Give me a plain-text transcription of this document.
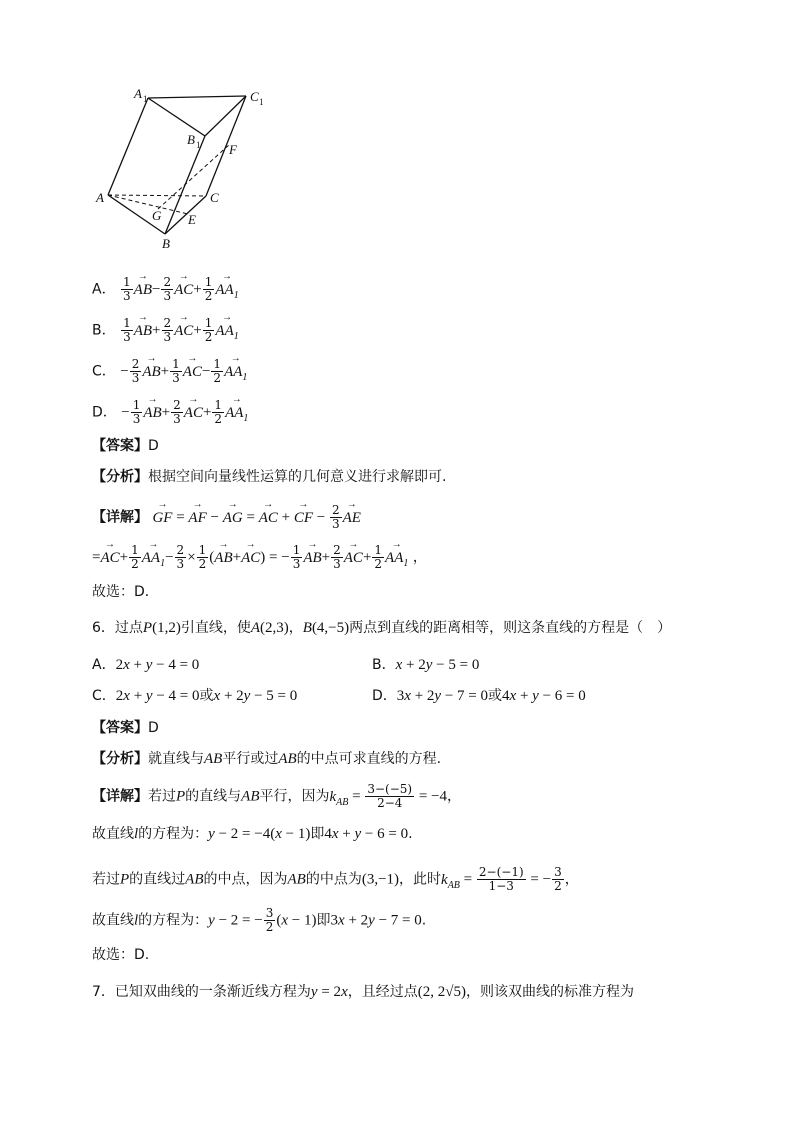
A 1	C 1
B 1 F
A	C
G E
B
A． $\frac{1}{3}$
→ $AB- \frac{2}{3}$
→ $AC+ \frac{1}{2}$
→ $AA_1$
B． $\frac{1}{3}$
→ $AB+ \frac{2}{3}$
→ $AC+ \frac{1}{2}$
→ $AA_1$
C． − $\frac{2}{3}$
→ $AB+ \frac{1}{3}$
→ $AC- \frac{1}{2}$
→ $AA_1$
D． − $\frac{1}{3}$
→ $AB+ \frac{2}{3}$
→ $AC+ \frac{1}{2}$
→ $AA_1$
【答案】D
【分析】根据空间向量线性运算的几何意义进行求解即可.
【详解】 → GF = → AF − → AG = → AC + → CF − $\frac{2}{3}$
→ AE
=→ $AC+ \frac{1}{2}$
→ $AA_1- \frac{2}{3} \times \frac{1}{2}$ (→ AB+→ AC) = − $\frac{1}{3}$
→ $AB+ \frac{2}{3}$
→ $AC+ \frac{1}{2}$
→ $AA_1$ ，
故选：D．
6．过点P(1,2)引直线，使A(2,3)，B(4,−5)两点到直线的距离相等，则这条直线的方程是（　）
A．2x + y − 4 = 0	B．x + 2y − 5 = 0
C．2x + y − 4 = 0或x + 2y − 5 = 0	D．3x + 2y − 7 = 0或4x + y − 6 = 0
【答案】D
【分析】就直线与AB平行或过AB的中点可求直线的方程.
【详解】若过P的直线与AB平行，因为$k_{AB} = \frac{3-(-5)}{2-4} = -4$，
故直线l的方程为：y − 2 = −4(x − 1)即4x + y − 6 = 0.
若过P的直线过AB的中点，因为AB的中点为(3,−1)，此时$k_{AB} = \frac{2-(-1)}{1-3}$ = − $\frac{3}{2}$ ，
故直线l的方程为：y − 2 = − $\frac{3}{2} (x - 1)$即3x + 2y − 7 = 0.
故选：D.
7．已知双曲线的一条渐近线方程为y = 2x，且经过点(2, 2√5)，则该双曲线的标准方程为
